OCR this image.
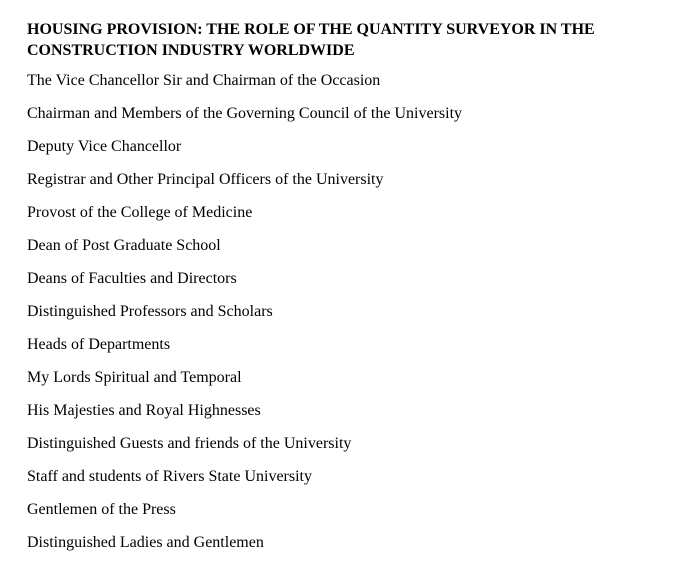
HOUSING PROVISION: THE ROLE OF THE QUANTITY SURVEYOR IN THE CONSTRUCTION INDUSTRY WORLDWIDE
The Vice Chancellor Sir and Chairman of the Occasion
Chairman and Members of the Governing Council of the University
Deputy Vice Chancellor
Registrar and Other Principal Officers of the University
Provost of the College of Medicine
Dean of Post Graduate School
Deans of Faculties and Directors
Distinguished Professors and Scholars
Heads of Departments
My Lords Spiritual and Temporal
His Majesties and Royal Highnesses
Distinguished Guests and friends of the University
Staff and students of Rivers State University
Gentlemen of the Press
Distinguished Ladies and Gentlemen
